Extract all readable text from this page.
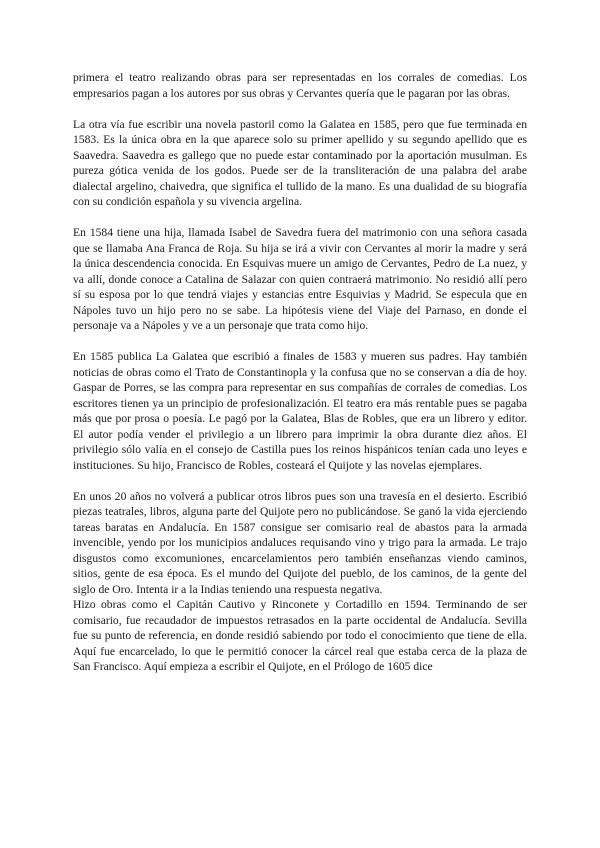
primera el teatro realizando obras para ser representadas en los corrales de comedias. Los empresarios pagan a los autores por sus obras y Cervantes quería que le pagaran por las obras.

La otra vía fue escribir una novela pastoril como la Galatea en 1585, pero que fue terminada en 1583. Es la única obra en la que aparece solo su primer apellido y su segundo apellido que es Saavedra. Saavedra es gallego que no puede estar contaminado por la aportación musulman. Es pureza gótica venida de los godos. Puede ser de la transliteración de una palabra del arabe dialectal argelino, chaivedra, que significa el tullido de la mano. Es una dualidad de su biografía con su condición española y su vivencia argelina.

En 1584 tiene una hija, llamada Isabel de Savedra fuera del matrimonio con una señora casada que se llamaba Ana Franca de Roja. Su hija se irá a vivir con Cervantes al morir la madre y será la única descendencia conocida. En Esquivas muere un amigo de Cervantes, Pedro de La nuez, y va allí, donde conoce a Catalina de Salazar con quien contraerá matrimonio. No residió allí pero sí su esposa por lo que tendrá viajes y estancias entre Esquivias y Madrid. Se especula que en Nápoles tuvo un hijo pero no se sabe. La hipótesis viene del Viaje del Parnaso, en donde el personaje va a Nápoles y ve a un personaje que trata como hijo.

En 1585 publica La Galatea que escribió a finales de 1583 y mueren sus padres. Hay también noticias de obras como el Trato de Constantinopla y la confusa que no se conservan a día de hoy. Gaspar de Porres, se las compra para representar en sus compañías de corrales de comedias. Los escritores tienen ya un principio de profesionalización. El teatro era más rentable pues se pagaba más que por prosa o poesía. Le pagó por la Galatea, Blas de Robles, que era un librero y editor. El autor podía vender el privilegio a un librero para imprimir la obra durante diez años. El privilegio sólo valía en el consejo de Castilla pues los reinos hispánicos tenían cada uno leyes e instituciones. Su hijo, Francisco de Robles, costeará el Quijote y las novelas ejemplares.

En unos 20 años no volverá a publicar otros libros pues son una travesía en el desierto. Escribió piezas teatrales, libros, alguna parte del Quijote pero no publicándose. Se ganó la vida ejerciendo tareas baratas en Andalucía. En 1587 consigue ser comisario real de abastos para la armada invencible, yendo por los municipios andaluces requisando vino y trigo para la armada. Le trajo disgustos como excomuniones, encarcelamientos pero también enseñanzas viendo caminos, sitios, gente de esa época. Es el mundo del Quijote del pueblo, de los caminos, de la gente del siglo de Oro. Intenta ir a la Indias teniendo una respuesta negativa.

Hizo obras como el Capitán Cautivo y Rinconete y Cortadillo en 1594. Terminando de ser comisario, fue recaudador de impuestos retrasados en la parte occidental de Andalucía. Sevilla fue su punto de referencia, en donde residió sabiendo por todo el conocimiento que tiene de ella. Aquí fue encarcelado, lo que le permitió conocer la cárcel real que estaba cerca de la plaza de San Francisco. Aquí empieza a escribir el Quijote, en el Prólogo de 1605 dice
